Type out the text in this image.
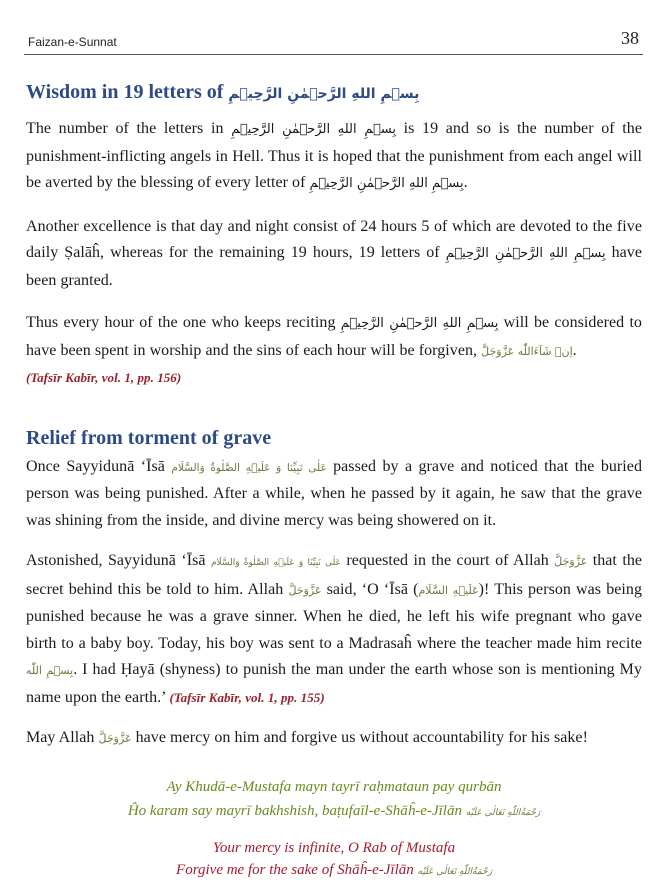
Faizan-e-Sunnat	38
Wisdom in 19 letters of بِسۡمِ اللهِ الرَّحۡمٰنِ الرَّحِيۡمِ

The number of the letters in بِسۡمِ اللهِ الرَّحۡمٰنِ الرَّحِيۡمِ is 19 and so is the number of the punishment-inflicting angels in Hell. Thus it is hoped that the punishment from each angel will be averted by the blessing of every letter of بِسۡمِ اللهِ الرَّحۡمٰنِ الرَّحِيۡمِ.

Another excellence is that day and night consist of 24 hours 5 of which are devoted to the five daily Ṣalāĥ, whereas for the remaining 19 hours, 19 letters of بِسۡمِ اللهِ الرَّحۡمٰنِ الرَّحِيۡمِ have been granted.

Thus every hour of the one who keeps reciting بِسۡمِ اللهِ الرَّحۡمٰنِ الرَّحِيۡمِ will be considered to have been spent in worship and the sins of each hour will be forgiven, اِنۡ شَآءَاللّٰه عَزَّوَجَلَّ.
(Tafsīr Kabīr, vol. 1, pp. 156)

Relief from torment of grave

Once Sayyidunā ‘Īsā عَلٰی نَبِیِّنَا وَ عَلَیۡهِ الصَّلٰوةُ وَالسَّلَام passed by a grave and noticed that the buried person was being punished. After a while, when he passed by it again, he saw that the grave was shining from the inside, and divine mercy was being showered on it.

Astonished, Sayyidunā ‘Īsā عَلٰی نَبِیِّنَا وَ عَلَیۡهِ الصَّلٰوةُ وَالسَّلَام requested in the court of Allah عَزَّوَجَلَّ that the secret behind this be told to him. Allah عَزَّوَجَلَّ said, ‘O ‘Īsā (عَلَیۡهِ السَّلَام)! This person was being punished because he was a grave sinner. When he died, he left his wife pregnant who gave birth to a baby boy. Today, his boy was sent to a Madrasaĥ where the teacher made him recite بِسۡمِ اللّٰه. I had Ḥayā (shyness) to punish the man under the earth whose son is mentioning My name upon the earth.’ (Tafsīr Kabīr, vol. 1, pp. 155)

May Allah عَزَّوَجَلَّ have mercy on him and forgive us without accountability for his sake!

Ay Khudā-e-Mustafa mayn tayrī raḥmataun pay qurbān
Ĥo karam say mayrī bakhshish, baṭufaīl-e-Shāĥ-e-Jīlān رَحْمَةُاللّٰهِ تَعَالٰی عَلَیْه
Your mercy is infinite, O Rab of Mustafa
Forgive me for the sake of Shāĥ-e-Jīlān رَحْمَةُاللّٰهِ تَعَالٰی عَلَیْه
